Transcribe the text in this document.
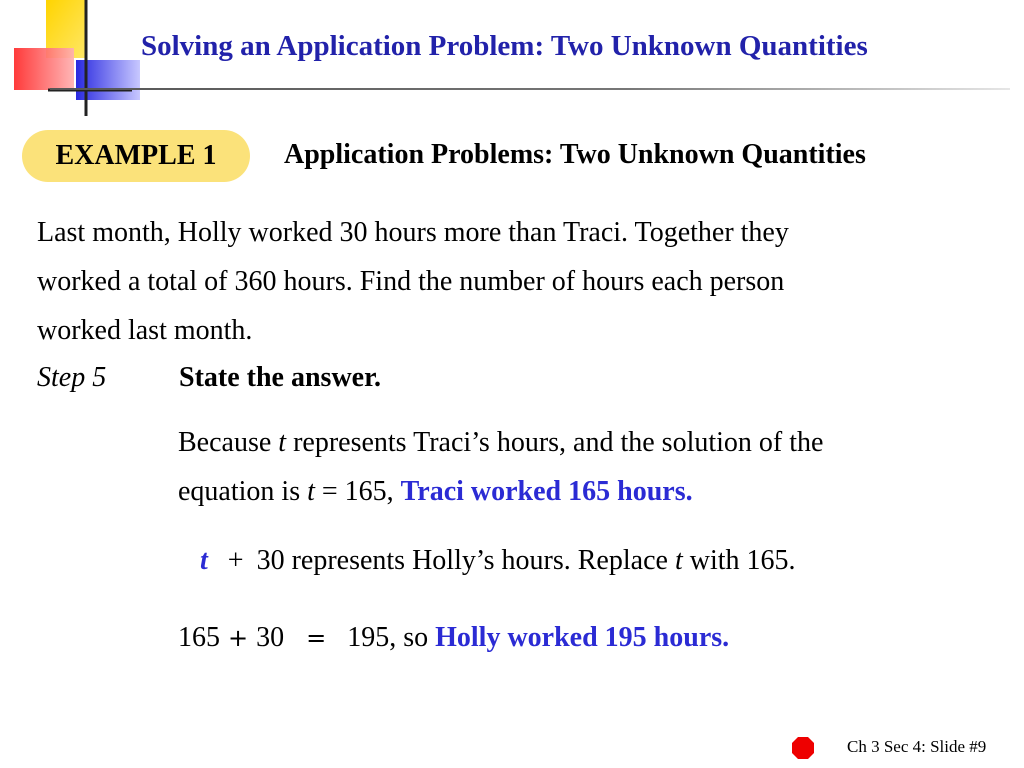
Solving an Application Problem: Two Unknown Quantities
EXAMPLE 1 Application Problems: Two Unknown Quantities
Last month, Holly worked 30 hours more than Traci. Together they
worked a total of 360 hours. Find the number of hours each person
worked last month.
Step 5	State the answer.
Because t represents Traci’s hours, and the solution of the
equation is t = 165, Traci worked 165 hours.
t + 30 represents Holly’s hours. Replace t with 165.
165 + 30 = 195, so Holly worked 195 hours.
Ch 3 Sec 4: Slide #9
